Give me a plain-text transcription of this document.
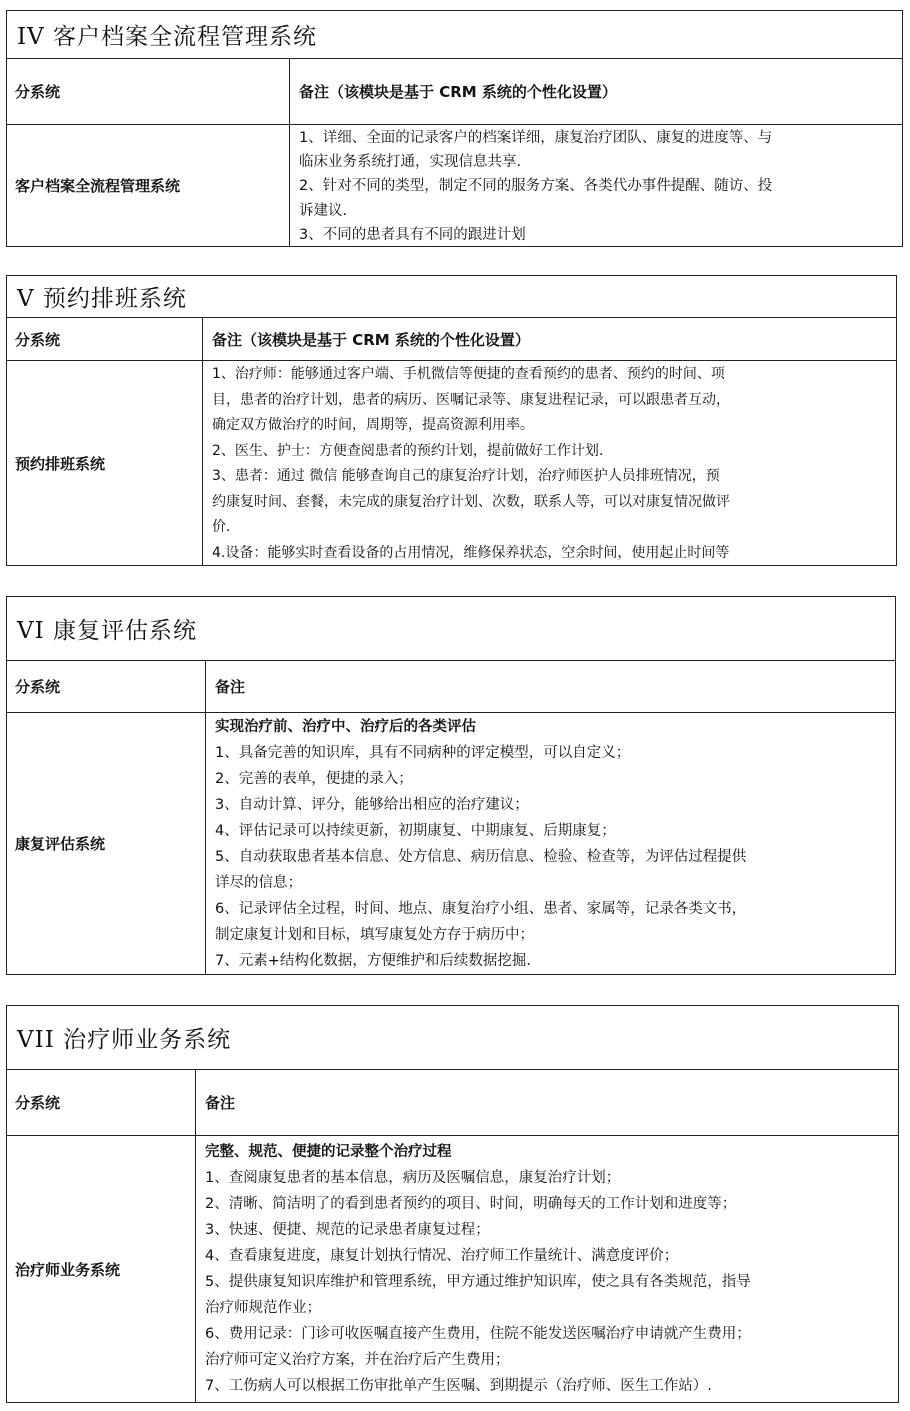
IV 客户档案全流程管理系统
分系统	备注（该模块是基于 CRM 系统的个性化设置）
客户档案全流程管理系统
1、详细、全面的记录客户的档案详细，康复治疗团队、康复的进度等、与
临床业务系统打通，实现信息共享.
2、针对不同的类型，制定不同的服务方案、各类代办事件提醒、随访、投
诉建议.
3、不同的患者具有不同的跟进计划
V 预约排班系统
分系统	备注（该模块是基于 CRM 系统的个性化设置）
预约排班系统
1、治疗师：能够通过客户端、手机微信等便捷的查看预约的患者、预约的时间、项
目，患者的治疗计划，患者的病历、医嘱记录等、康复进程记录，可以跟患者互动，
确定双方做治疗的时间，周期等，提高资源利用率。
2、医生、护士：方便查阅患者的预约计划，提前做好工作计划.
3、患者：通过 微信 能够查询自己的康复治疗计划，治疗师医护人员排班情况，预
约康复时间、套餐，未完成的康复治疗计划、次数，联系人等，可以对康复情况做评
价.
4.设备：能够实时查看设备的占用情况，维修保养状态，空余时间，使用起止时间等
VI 康复评估系统
分系统	备注
康复评估系统
实现治疗前、治疗中、治疗后的各类评估
1、具备完善的知识库，具有不同病种的评定模型，可以自定义；
2、完善的表单，便捷的录入；
3、自动计算、评分，能够给出相应的治疗建议；
4、评估记录可以持续更新，初期康复、中期康复、后期康复；
5、自动获取患者基本信息、处方信息、病历信息、检验、检查等，为评估过程提供
详尽的信息；
6、记录评估全过程，时间、地点、康复治疗小组、患者、家属等，记录各类文书，
制定康复计划和目标，填写康复处方存于病历中；
7、元素+结构化数据，方便维护和后续数据挖掘.
VII 治疗师业务系统
分系统	备注
治疗师业务系统
完整、规范、便捷的记录整个治疗过程
1、查阅康复患者的基本信息，病历及医嘱信息，康复治疗计划；
2、清晰、简洁明了的看到患者预约的项目、时间，明确每天的工作计划和进度等；
3、快速、便捷、规范的记录患者康复过程；
4、查看康复进度，康复计划执行情况、治疗师工作量统计、满意度评价；
5、提供康复知识库维护和管理系统，甲方通过维护知识库，使之具有各类规范，指导
治疗师规范作业；
6、费用记录：门诊可收医嘱直接产生费用，住院不能发送医嘱治疗申请就产生费用；
治疗师可定义治疗方案，并在治疗后产生费用；
7、工伤病人可以根据工伤审批单产生医嘱、到期提示（治疗师、医生工作站）.
